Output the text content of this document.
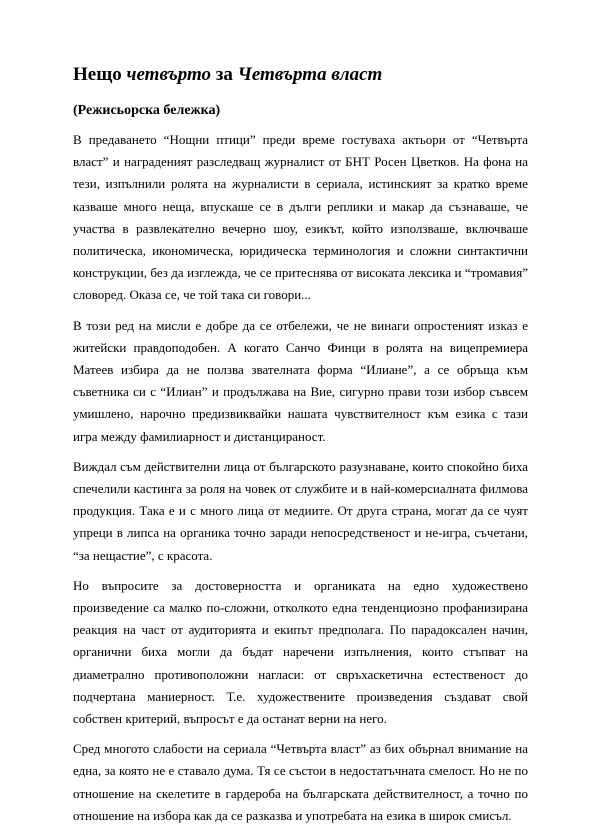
Нещо четвърто за Четвърта власт
(Режисьорска бележка)

В предаването “Нощни птици” преди време гостуваха актьори от “Четвърта власт” и награденият разследващ журналист от БНТ Росен Цветков. На фона на тези, изпълнили ролята на журналисти в сериала, истинският за кратко време казваше много неща, впускаше се в дълги реплики и макар да съзнаваше, че участва в развлекателно вечерно шоу, езикът, който използваше, включваше политическа, икономическа, юридическа терминология и сложни синтактични конструкции, без да изглежда, че се притеснява от високата лексика и “тромавия” словоред. Оказа се, че той така си говори...

В този ред на мисли е добре да се отбележи, че не винаги опростеният изказ е житейски правдоподобен. А когато Санчо Финци в ролята на вицепремиера Матеев избира да не ползва звателната форма “Илиане”, а се обръща към съветника си с “Илиан” и продължава на Вие, сигурно прави този избор съвсем умишлено, нарочно предизвиквайки нашата чувствителност към езика с тази игра между фамилиарност и дистанцираност.

Виждал съм действителни лица от българското разузнаване, които спокойно биха спечелили кастинга за роля на човек от службите и в най-комерсиалната филмова продукция. Така е и с много лица от медиите. От друга страна, могат да се чуят упреци в липса на органика точно заради непосредственост и не-игра, съчетани, “за нещастие”, с красота.

Но въпросите за достоверността и органиката на едно художествено произведение са малко по-сложни, отколкото една тенденциозно профанизирана реакция на част от аудиторията и екипът предполага. По парадоксален начин, органични биха могли да бъдат наречени изпълнения, които стъпват на диаметрално противоположни нагласи: от свръхаскетична естественост до подчертана маниерност. Т.е. художествените произведения създават свой собствен критерий, въпросът е да останат верни на него.

Сред многото слабости на сериала “Четвърта власт” аз бих обърнал внимание на една, за която не е ставало дума. Тя се състои в недостатъчната смелост. Но не по отношение на скелетите в гардероба на българската действителност, а точно по отношение на избора как да се разказва и употребата на езика в широк смисъл.
